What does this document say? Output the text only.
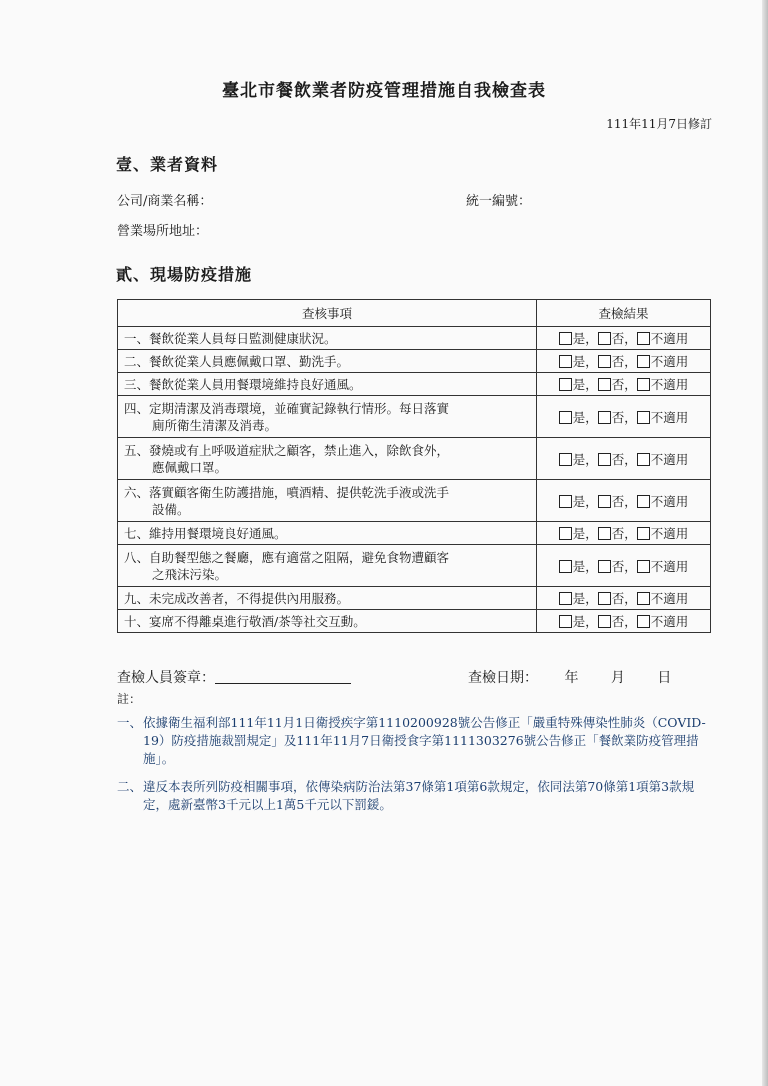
臺北市餐飲業者防疫管理措施自我檢查表
111年11月7日修訂
壹、業者資料
公司/商業名稱：	統一編號：
營業場所地址：
貳、現場防疫措施
查核事項	查檢結果
一、餐飲從業人員每日監測健康狀況。	是， 否， 不適用
二、餐飲從業人員應佩戴口罩、勤洗手。	是， 否， 不適用
三、餐飲從業人員用餐環境維持良好通風。	是， 否， 不適用
四、定期清潔及消毒環境，並確實記錄執行情形。每日落實
廁所衛生清潔及消毒。	是， 否， 不適用
五、發燒或有上呼吸道症狀之顧客，禁止進入，除飲食外，
應佩戴口罩。	是， 否， 不適用
六、落實顧客衛生防護措施，噴酒精、提供乾洗手液或洗手
設備。	是， 否， 不適用
七、維持用餐環境良好通風。	是， 否， 不適用
八、自助餐型態之餐廳，應有適當之阻隔，避免食物遭顧客
之飛沫污染。	是， 否， 不適用
九、未完成改善者，不得提供內用服務。	是， 否， 不適用
十、宴席不得離桌進行敬酒/茶等社交互動。	是， 否， 不適用
查檢人員簽章：	查檢日期： 年 月 日
註：
一、 依據衛生福利部111年11月1日衛授疾字第1110200928號公告修正「嚴重特殊傳染性肺炎（COVID-19）防疫措施裁罰規定」及111年11月7日衛授食字第1111303276號公告修正「餐飲業防疫管理措施」。
二、 違反本表所列防疫相關事項，依傳染病防治法第37條第1項第6款規定，依同法第70條第1項第3款規定，處新臺幣3千元以上1萬5千元以下罰鍰。
